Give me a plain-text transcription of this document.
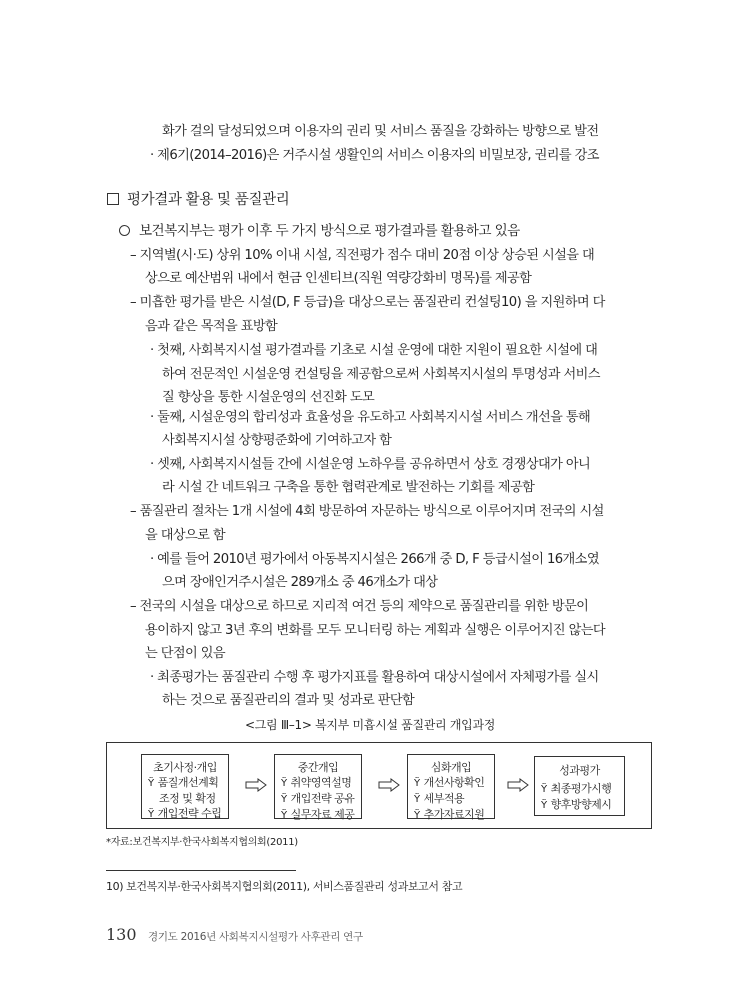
화가 걸의 달성되었으며 이용자의 권리 및 서비스 품질을 강화하는 방향으로 발전
· 제6기(2014–2016)은 거주시설 생활인의 서비스 이용자의 비밀보장, 권리를 강조
평가결과 활용 및 품질관리
보건복지부는 평가 이후 두 가지 방식으로 평가결과를 활용하고 있음
– 지역별(시·도) 상위 10% 이내 시설, 직전평가 점수 대비 20점 이상 상승된 시설을 대
상으로 예산범위 내에서 현금 인센티브(직원 역량강화비 명목)를 제공함
– 미흡한 평가를 받은 시설(D, F 등급)을 대상으로는 품질관리 컨설팅10) 을 지원하며 다
음과 같은 목적을 표방함
· 첫째, 사회복지시설 평가결과를 기초로 시설 운영에 대한 지원이 필요한 시설에 대
하여 전문적인 시설운영 컨설팅을 제공함으로써 사회복지시설의 투명성과 서비스
질 향상을 통한 시설운영의 선진화 도모
· 둘째, 시설운영의 합리성과 효율성을 유도하고 사회복지시설 서비스 개선을 통해
사회복지시설 상향평준화에 기여하고자 함
· 셋째, 사회복지시설들 간에 시설운영 노하우를 공유하면서 상호 경쟁상대가 아니
라 시설 간 네트워크 구축을 통한 협력관계로 발전하는 기회를 제공함
– 품질관리 절차는 1개 시설에 4회 방문하여 자문하는 방식으로 이루어지며 전국의 시설
을 대상으로 함
· 예를 들어 2010년 평가에서 아동복지시설은 266개 중 D, F 등급시설이 16개소였
으며 장애인거주시설은 289개소 중 46개소가 대상
– 전국의 시설을 대상으로 하므로 지리적 여건 등의 제약으로 품질관리를 위한 방문이
용이하지 않고 3년 후의 변화를 모두 모니터링 하는 계획과 실행은 이루어지진 않는다
는 단점이 있음
· 최종평가는 품질관리 수행 후 평가지표를 활용하여 대상시설에서 자체평가를 실시
하는 것으로 품질관리의 결과 및 성과로 판단함
<그림 Ⅲ–1> 복지부 미흡시설 품질관리 개입과정
초기사정·개입
Ÿ 품질개선계획
조정 및 확정
Ÿ 개입전략 수립
중간개입
Ÿ 취약영역설명
Ÿ 개입전략 공유
Ÿ 실무자료 제공
심화개입
Ÿ 개선사항확인
Ÿ 세부적용
Ÿ 추가자료지원
성과평가
Ÿ 최종평가시행
Ÿ 향후방향제시
*자료:보건복지부·한국사회복지협의회(2011)
10) 보건복지부·한국사회복지협의회(2011), 서비스품질관리 성과보고서 참고
130 경기도 2016년 사회복지시설평가 사후관리 연구
